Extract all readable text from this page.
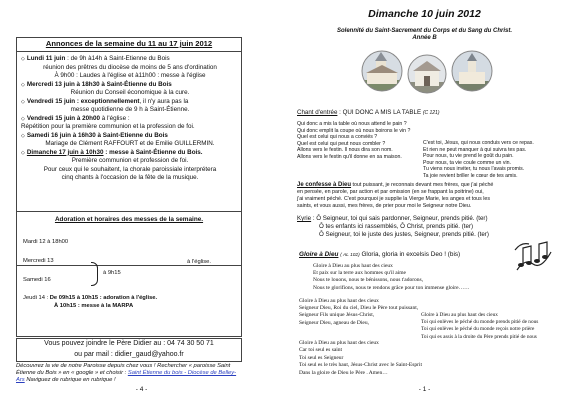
Annonces de la semaine du 11 au 17 juin 2012
◇ Lundi 11 juin : de 9h à14h à Saint-Etienne du Bois
réunion des prêtres du diocèse de moins de 5 ans d'ordination
À 9h00 : Laudes à l'église et à11h00 : messe à l'église
◇ Mercredi 13 juin à 18h30 à Saint-Étienne du Bois
Réunion du Conseil économique à la cure.
◇ Vendredi 15 juin : exceptionnellement, il n'y aura pas la
messe quotidienne de 9 h à Saint-Étienne.
◇ Vendredi 15 juin à 20h00 à l'église :
Répétition pour la première communion et la profession de foi.
◇ Samedi 16 juin à 16h30 à Saint-Etienne du Bois
Mariage de Clément RAFFOURT et de Emilie GUILLERMIN.
◇ Dimanche 17 juin à 10h30 : messe à Saint-Étienne du Bois.
Première communion et profession de foi.
Pour ceux qui le souhaitent, la chorale paroissiale interprétera
cinq chants à l'occasion de la fête de la musique.
Adoration et horaires des messes de la semaine.
Mardi 12 à 18h00
Mercredi 13
Samedi 16
à 9h15
à l'église.
Jeudi 14 : De 09h15 à 10h15 : adoration à l'église.
À 10h15 : messe à la MARPA
Vous pouvez joindre le Père Didier au : 04 74 30 50 71
ou par mail : didier_gaud@yahoo.fr
Découvrez la vie de notre Paroisse depuis chez vous ! Rechercher « paroisse Saint Étienne du Bois » en « google » et choisir : Saint Étienne du bois - Diocèse de Belley-Ars Naviguez de rubrique en rubrique !
- 4 -
Dimanche 10 juin 2012
Solennité du Saint-Sacrement du Corps et du Sang du Christ.
Année B
Chant d'entrée : QUI DONC A MIS LA TABLE (C 121)
Qui donc a mis la table où nous attend le pain ?
Qui donc emplit la coupe où nous boirons le vin ?
Quel est celui qui nous a conviés ?
Quel est celui qui peut nous combler ?
Allons vers le festin. Il nous dira son nom.
Allons vers le festin qu'il donne en sa maison.
C'est toi, Jésus, qui nous conduis vers ce repas.
Et rien ne peut manquer à qui suivra tes pas.
Pour nous, tu vie prend le goût du pain.
Pour nous, ta vie coule comme un vin.
Tu viens nous inviter, tu nous l'avais promis.
Ta joie revient briller le cœur de tes amis.
Je confesse à Dieu tout puissant, je reconnais devant mes frères, que j'ai péché
en pensée, en parole, par action et par omission (en se frappant la poitrine) oui,
j'ai vraiment péché. C'est pourquoi je supplie la Vierge Marie, les anges et tous les
saints, et vous aussi, mes frères, de prier pour moi le Seigneur notre Dieu.
Kyrie : Ô Seigneur, toi qui sais pardonner, Seigneur, prends pitié. (ter)
Ô tes enfants ici rassemblés, Ô Christ, prends pitié. (ter)
Ô Seigneur, toi le juste des justes, Seigneur, prends pitié. (ter)
Gloire à Dieu ( AL 102) Gloria, gloria in excelsis Deo ! (bis)
Gloire à Dieu au plus haut des cieux
Et paix sur la terre aux hommes qu'il aime
Nous te louons, nous te bénissons, nous t'adorons,
Nous te glorifions, nous te rendons grâce pour ton immense gloire……
Gloire à Dieu au plus haut des cieux
Seigneur Dieu, Roi du ciel, Dieu le Père tout puissant,
Seigneur Fils unique Jésus-Christ,
Seigneur Dieu, agneau de Dieu,
Gloire à Dieu au plus haut des cieux
Toi qui enlèves le péché du monde prends pitié de nous
Toi qui enlèves le péché du monde reçois notre prière
Toi qui es assis à la droite du Père prends pitié de nous
Gloire à Dieu au plus haut des cieux
Car toi seul es saint
Toi seul es Seigneur
Toi seul es le très haut, Jésus-Christ avec le Saint-Esprit
Dans la gloire de Dieu le Père . Amen…
- 1 -
